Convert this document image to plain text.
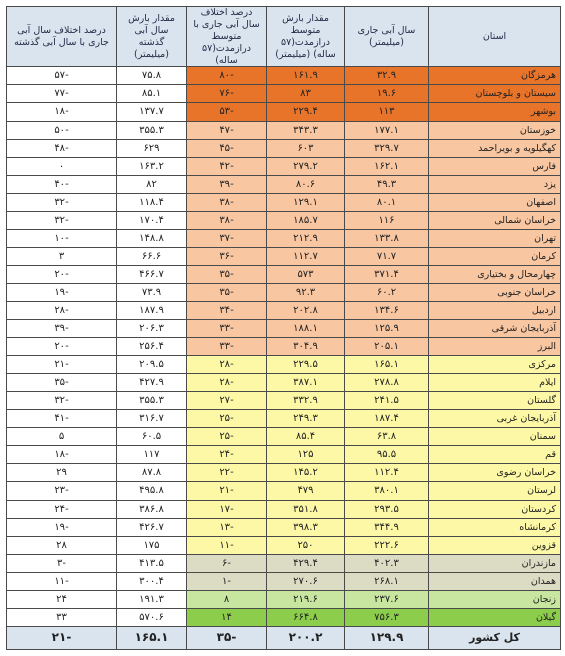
استان	سال آبی جاری (میلیمتر)	مقدار بارش متوسط درازمدت(۵۷ ساله) (میلیمتر)	درصد اختلاف سال آبی جاری با متوسط درازمدت(۵۷ ساله)	مقدار بارش سال آبی گذشته (میلیمتر)	درصد اختلاف سال آبی جاری با سال آبی گذشته
هرمزگان	۳۲.۹	۱۶۱.۹	-۸۰	۷۵.۸	-۵۷
سیستان و بلوچستان	۱۹.۶	۸۳	-۷۶	۸۵.۱	-۷۷
بوشهر	۱۱۳	۲۲۹.۴	-۵۳	۱۳۷.۷	-۱۸
خوزستان	۱۷۷.۱	۳۴۳.۳	-۴۷	۳۵۵.۳	-۵۰
کهگیلویه و بویراحمد	۳۲۹.۷	۶۰۳	-۴۵	۶۲۹	-۴۸
فارس	۱۶۲.۱	۲۷۹.۲	-۴۲	۱۶۳.۲	۰
یزد	۴۹.۳	۸۰.۶	-۳۹	۸۲	-۴۰
اصفهان	۸۰.۱	۱۲۹.۱	-۳۸	۱۱۸.۴	-۳۲
خراسان شمالی	۱۱۶	۱۸۵.۷	-۳۸	۱۷۰.۴	-۳۲
تهران	۱۳۳.۸	۲۱۲.۹	-۳۷	۱۴۸.۸	-۱۰
کرمان	۷۱.۷	۱۱۲.۷	-۳۶	۶۶.۶	۳
چهارمحال و بختیاری	۳۷۱.۴	۵۷۳	-۳۵	۴۶۶.۷	-۲۰
خراسان جنوبی	۶۰.۲	۹۲.۳	-۳۵	۷۳.۹	-۱۹
اردبیل	۱۳۴.۶	۲۰۲.۸	-۳۴	۱۸۷.۹	-۲۸
آذربایجان شرقی	۱۲۵.۹	۱۸۸.۱	-۳۳	۲۰۶.۳	-۳۹
البرز	۲۰۵.۱	۳۰۴.۹	-۳۳	۲۵۶.۴	-۲۰
مرکزی	۱۶۵.۱	۲۲۹.۵	-۲۸	۲۰۹.۵	-۲۱
ایلام	۲۷۸.۸	۳۸۷.۱	-۲۸	۴۲۷.۹	-۳۵
گلستان	۲۴۱.۵	۳۳۲.۹	-۲۷	۳۵۵.۳	-۳۲
آذربایجان غربی	۱۸۷.۴	۲۴۹.۳	-۲۵	۳۱۶.۷	-۴۱
سمنان	۶۳.۸	۸۵.۴	-۲۵	۶۰.۵	۵
قم	۹۵.۵	۱۲۵	-۲۴	۱۱۷	-۱۸
خراسان رضوی	۱۱۲.۴	۱۴۵.۲	-۲۲	۸۷.۸	۲۹
لرستان	۳۸۰.۱	۴۷۹	-۲۱	۴۹۵.۸	-۲۳
کردستان	۲۹۳.۵	۳۵۱.۸	-۱۷	۳۸۶.۸	-۲۴
کرمانشاه	۳۴۴.۹	۳۹۸.۳	-۱۳	۴۲۶.۷	-۱۹
قزوین	۲۲۲.۶	۲۵۰	-۱۱	۱۷۵	۲۸
مازندران	۴۰۲.۳	۴۲۹.۴	-۶	۴۱۳.۵	-۳
همدان	۲۶۸.۱	۲۷۰.۶	-۱	۳۰۰.۴	-۱۱
زنجان	۲۳۷.۶	۲۱۹.۶	۸	۱۹۱.۳	۲۴
گیلان	۷۵۶.۳	۶۶۴.۸	۱۴	۵۷۰.۶	۳۳
کل کشور	۱۲۹.۹	۲۰۰.۲	-۳۵	۱۶۵.۱	-۲۱
